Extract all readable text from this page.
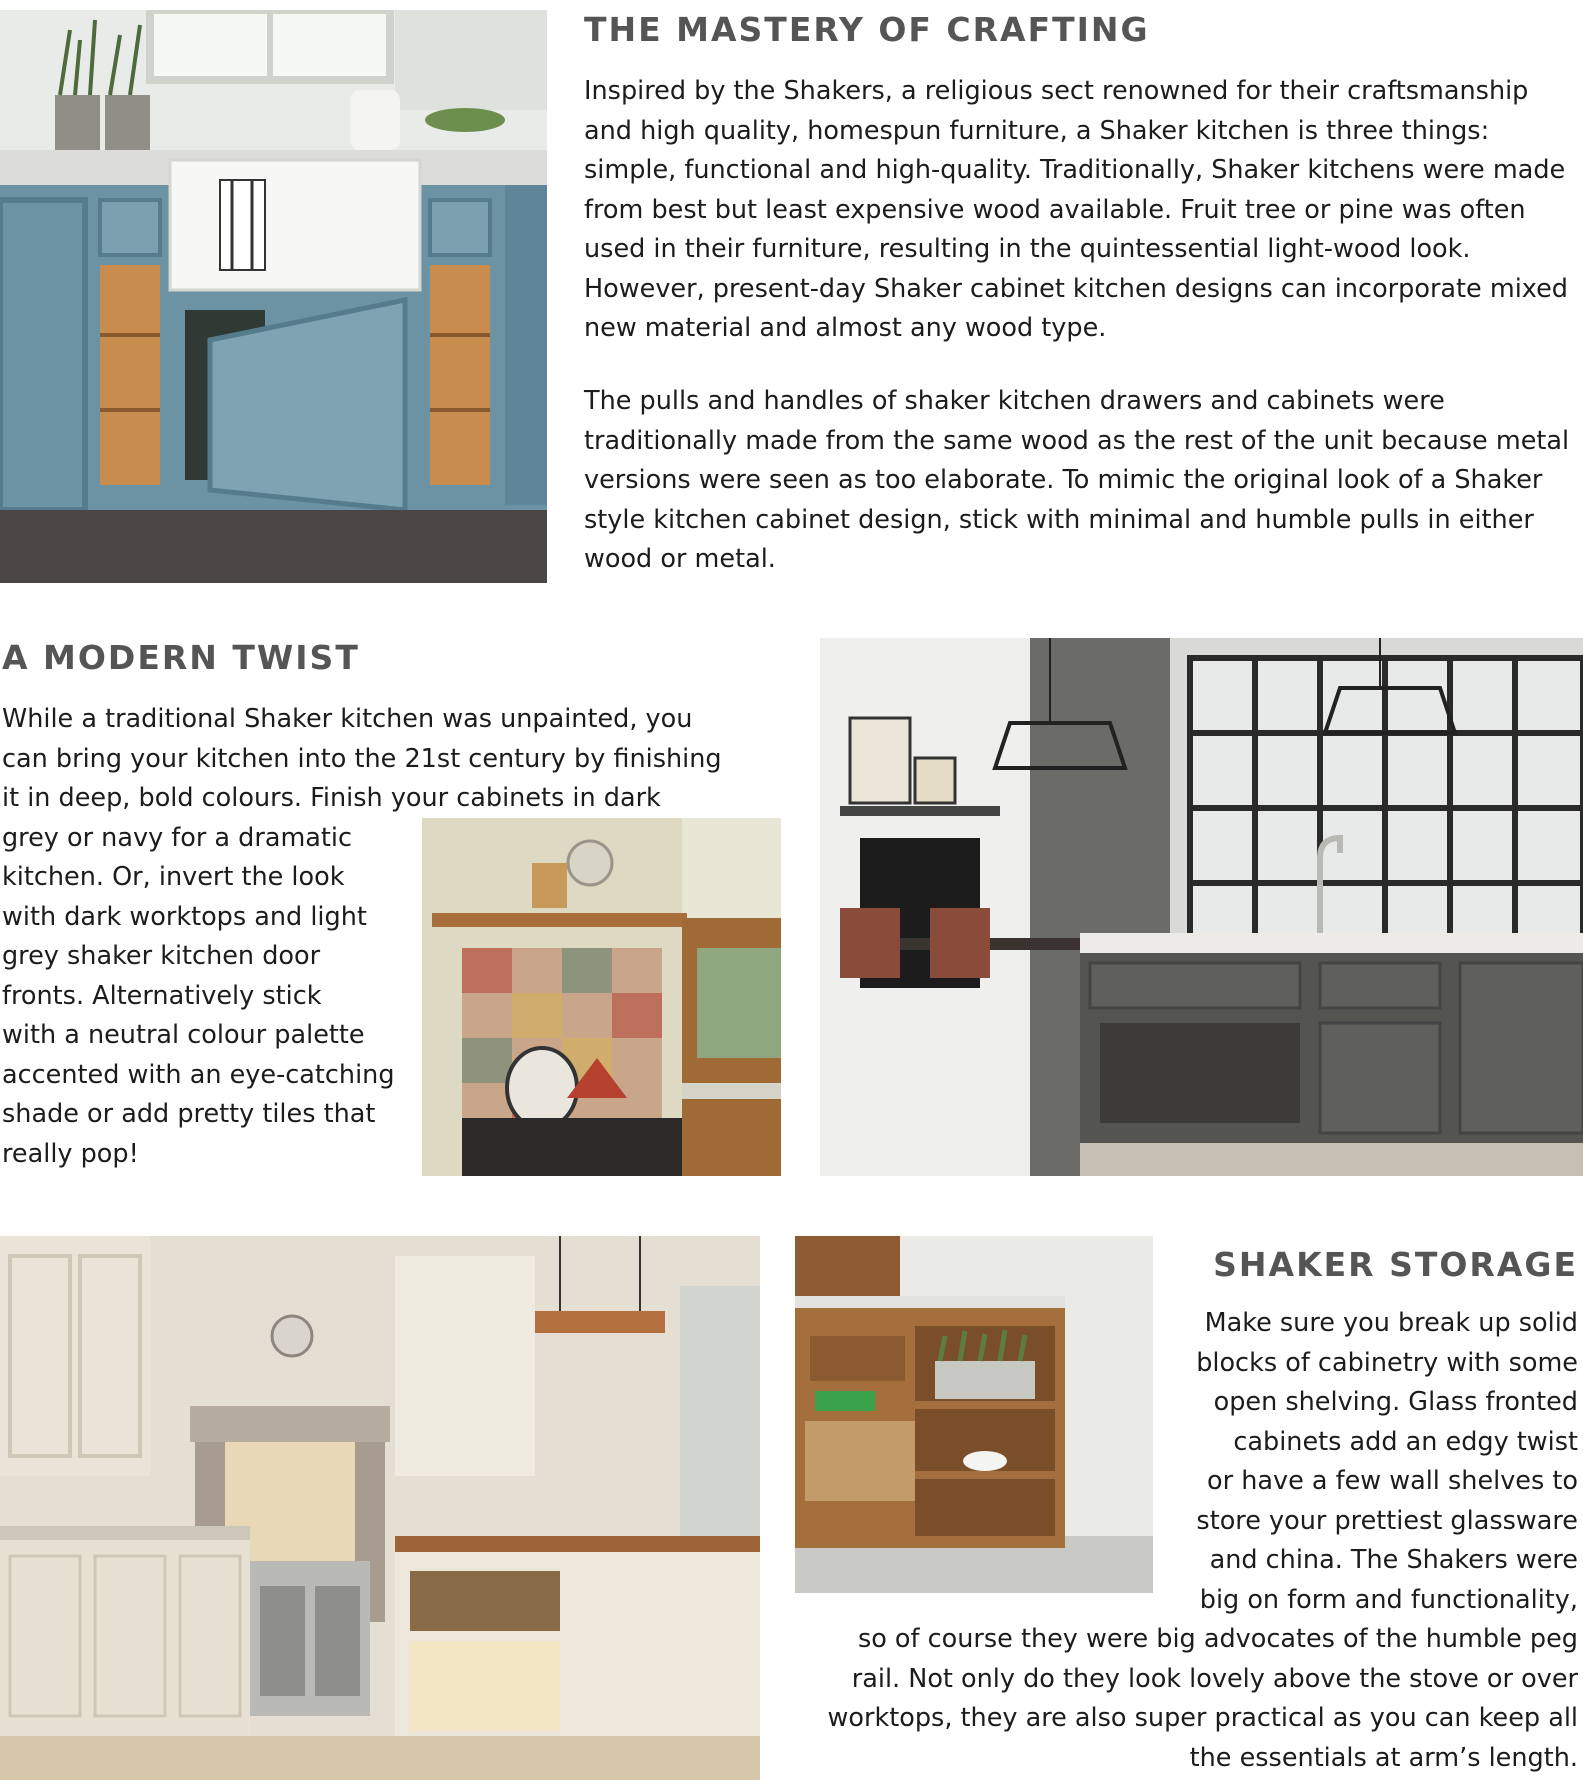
THE MASTERY OF CRAFTING

Inspired by the Shakers, a religious sect renowned for their craftsmanship and high quality, homespun furniture, a Shaker kitchen is three things: simple, functional and high-quality. Traditionally, Shaker kitchens were made from best but least expensive wood available. Fruit tree or pine was often used in their furniture, resulting in the quintessential light-wood look. However, present-day Shaker cabinet kitchen designs can incorporate mixed new material and almost any wood type.

The pulls and handles of shaker kitchen drawers and cabinets were traditionally made from the same wood as the rest of the unit because metal versions were seen as too elaborate. To mimic the original look of a Shaker style kitchen cabinet design, stick with minimal and humble pulls in either wood or metal.

A MODERN TWIST

While a traditional Shaker kitchen was unpainted, you

can bring your kitchen into the 21st century by finishing

it in deep, bold colours. Finish your cabinets in dark

grey or navy for a dramatic

kitchen. Or, invert the look

with dark worktops and light

grey shaker kitchen door

fronts. Alternatively stick

with a neutral colour palette

accented with an eye-catching

shade or add pretty tiles that

really pop!

SHAKER STORAGE

Make sure you break up solid

blocks of cabinetry with some

open shelving. Glass fronted

cabinets add an edgy twist

or have a few wall shelves to

store your prettiest glassware

and china. The Shakers were

big on form and functionality,

so of course they were big advocates of the humble peg

rail. Not only do they look lovely above the stove or over

worktops, they are also super practical as you can keep all

the essentials at arm’s length.
